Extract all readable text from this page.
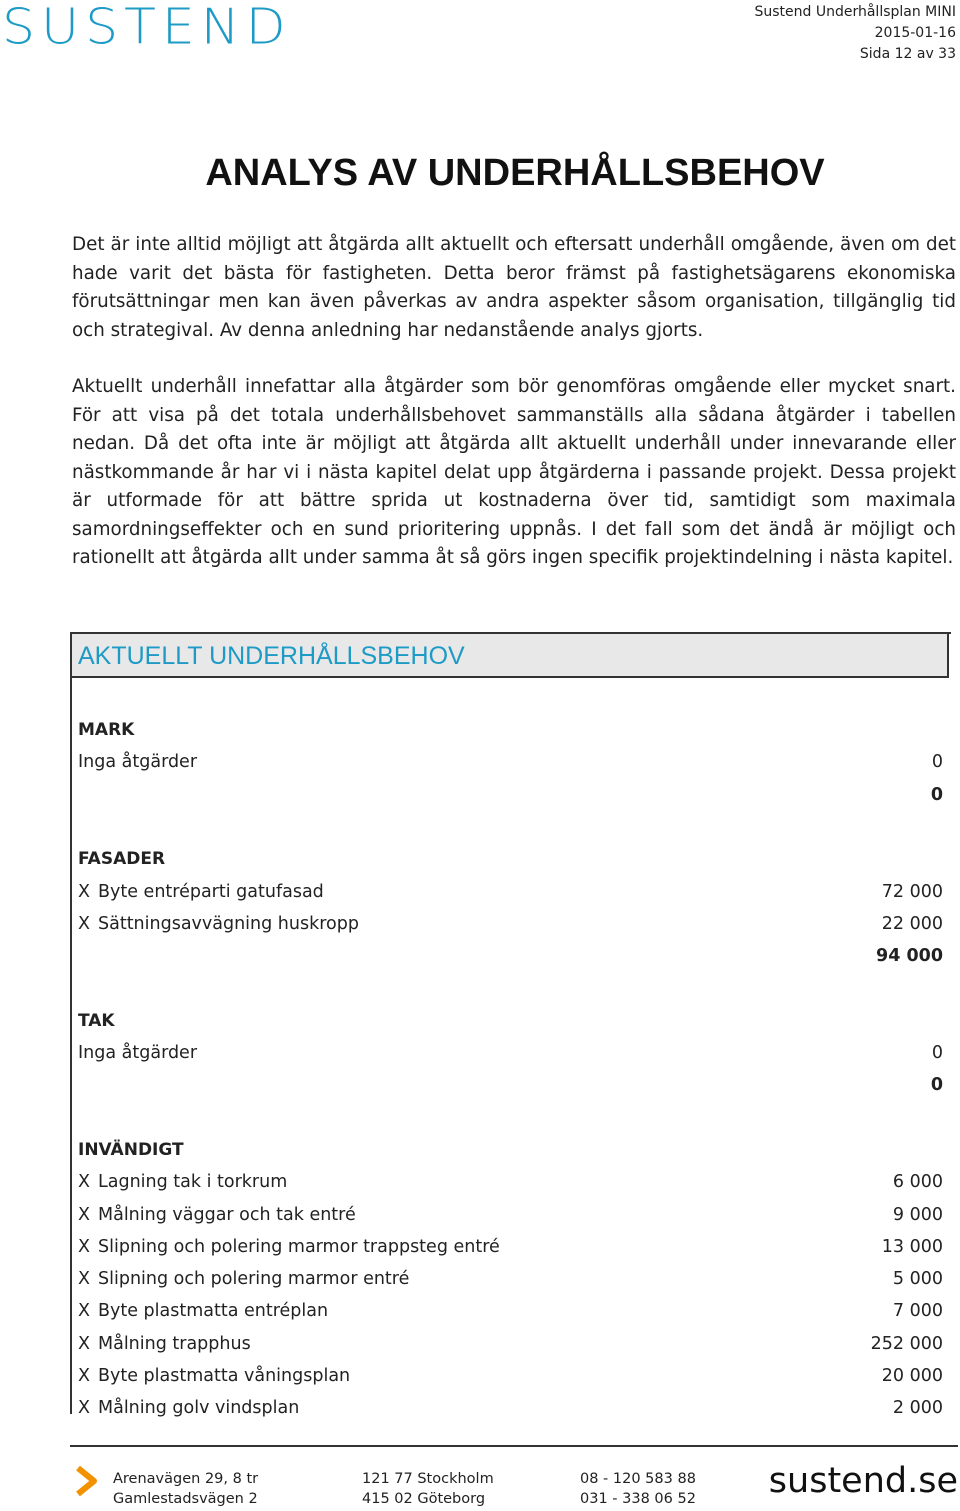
SUSTEND	Sustend Underhållsplan MINI
2015-01-16
Sida 12 av 33
ANALYS AV UNDERHÅLLSBEHOV

Det är inte alltid möjligt att åtgärda allt aktuellt och eftersatt underhåll omgående, även om det hade varit det bästa för fastigheten. Detta beror främst på fastighetsägarens ekonomiska förutsättningar men kan även påverkas av andra aspekter såsom organisation, tillgänglig tid och strategival. Av denna anledning har nedanstående analys gjorts.

Aktuellt underhåll innefattar alla åtgärder som bör genomföras omgående eller mycket snart. För att visa på det totala underhållsbehovet sammanställs alla sådana åtgärder i tabellen nedan. Då det ofta inte är möjligt att åtgärda allt aktuellt underhåll under innevarande eller nästkommande år har vi i nästa kapitel delat upp åtgärderna i passande projekt. Dessa projekt är utformade för att bättre sprida ut kostnaderna över tid, samtidigt som maximala samordningseffekter och en sund prioritering uppnås. I det fall som det ändå är möjligt och rationellt att åtgärda allt under samma åt så görs ingen specifik projektindelning i nästa kapitel.

AKTUELLT UNDERHÅLLSBEHOV
MARK
Inga åtgärder	0
0
FASADER
X Byte entréparti gatufasad	72 000
X Sättningsavvägning huskropp	22 000
94 000
TAK
Inga åtgärder	0
0
INVÄNDIGT
X Lagning tak i torkrum	6 000
X Målning väggar och tak entré	9 000
X Slipning och polering marmor trappsteg entré	13 000
X Slipning och polering marmor entré	5 000
X Byte plastmatta entréplan	7 000
X Målning trapphus	252 000
X Byte plastmatta våningsplan	20 000
X Målning golv vindsplan	2 000
Arenavägen 29, 8 tr
Gamlestadsvägen 2
121 77 Stockholm
415 02 Göteborg
08 - 120 583 88
031 - 338 06 52 sustend.se
